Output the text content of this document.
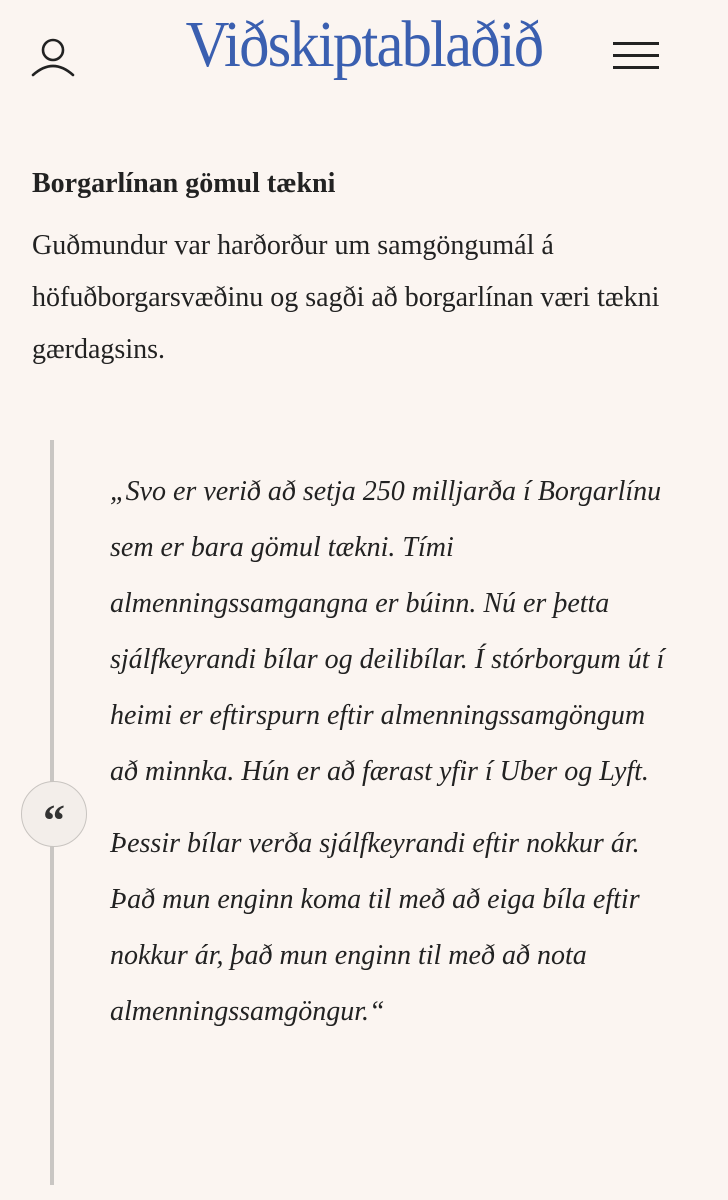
Viðskiptablaðið
Borgarlínan gömul tækni

Guðmundur var harðorður um samgöngumál á höfuðborgarsvæðinu og sagði að borgarlínan væri tækni gærdagsins.

“

„Svo er verið að setja 250 milljarða í Borgarlínu sem er bara gömul tækni. Tími almenningssamgangna er búinn. Nú er þetta sjálfkeyrandi bílar og deilibílar. Í stórborgum út í heimi er eftirspurn eftir almenningssamgöngum að minnka. Hún er að færast yfir í Uber og Lyft.

Þessir bílar verða sjálfkeyrandi eftir nokkur ár. Það mun enginn koma til með að eiga bíla eftir nokkur ár, það mun enginn til með að nota almenningssamgöngur.“
